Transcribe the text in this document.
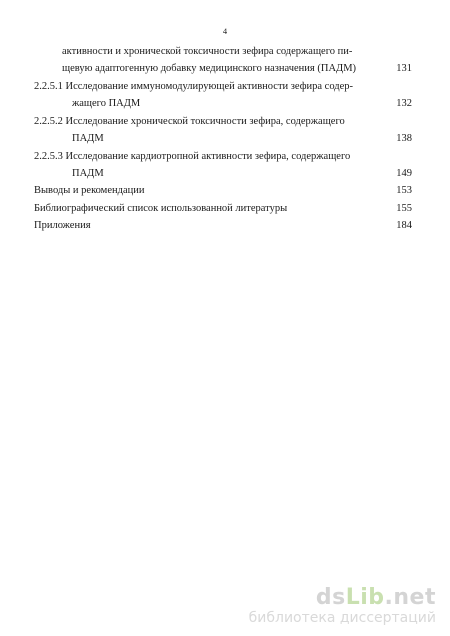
4
активности и хронической токсичности зефира содержащего пи-
щевую адаптогенную добавку медицинского назначения (ПАДМ)	131
2.2.5.1 Исследование иммуномодулирующей активности зефира содер-
жащего ПАДМ	132
2.2.5.2 Исследование хронической токсичности зефира, содержащего
ПАДМ	138
2.2.5.3 Исследование кардиотропной активности зефира, содержащего
ПАДМ	149
Выводы и рекомендации	153
Библиографический список использованной литературы	155
Приложения	184
dsLib.net
библиотека диссертаций
